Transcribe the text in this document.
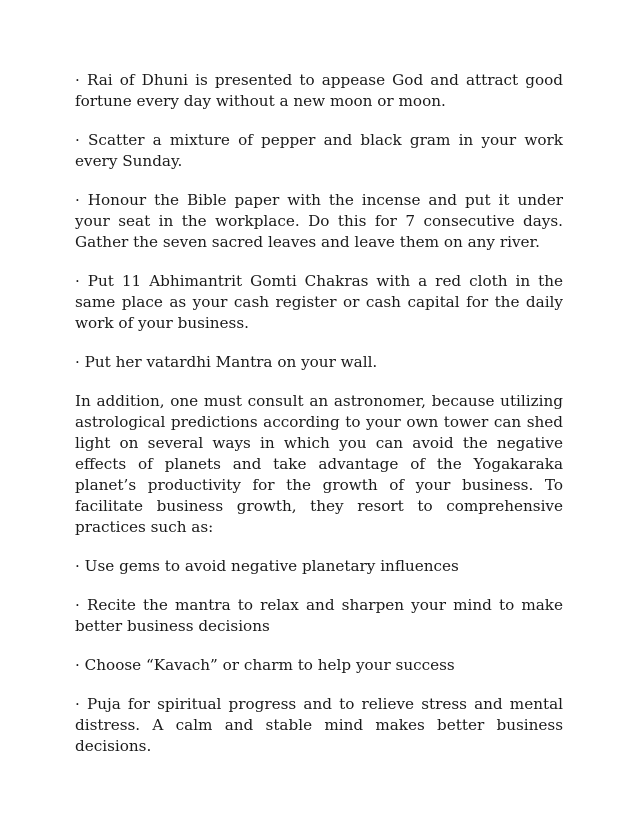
· Rai of Dhuni is presented to appease God and attract good fortune every day without a new moon or moon.

· Scatter a mixture of pepper and black gram in your work every Sunday.

· Honour the Bible paper with the incense and put it under your seat in the workplace. Do this for 7 consecutive days. Gather the seven sacred leaves and leave them on any river.

· Put 11 Abhimantrit Gomti Chakras with a red cloth in the same place as your cash register or cash capital for the daily work of your business.

· Put her vatardhi Mantra on your wall.

In addition, one must consult an astronomer, because utilizing astrological predictions according to your own tower can shed light on several ways in which you can avoid the negative effects of planets and take advantage of the Yogakaraka planet’s productivity for the growth of your business. To facilitate business growth, they resort to comprehensive practices such as:

· Use gems to avoid negative planetary influences

· Recite the mantra to relax and sharpen your mind to make better business decisions

· Choose “Kavach” or charm to help your success

· Puja for spiritual progress and to relieve stress and mental distress. A calm and stable mind makes better business decisions.
